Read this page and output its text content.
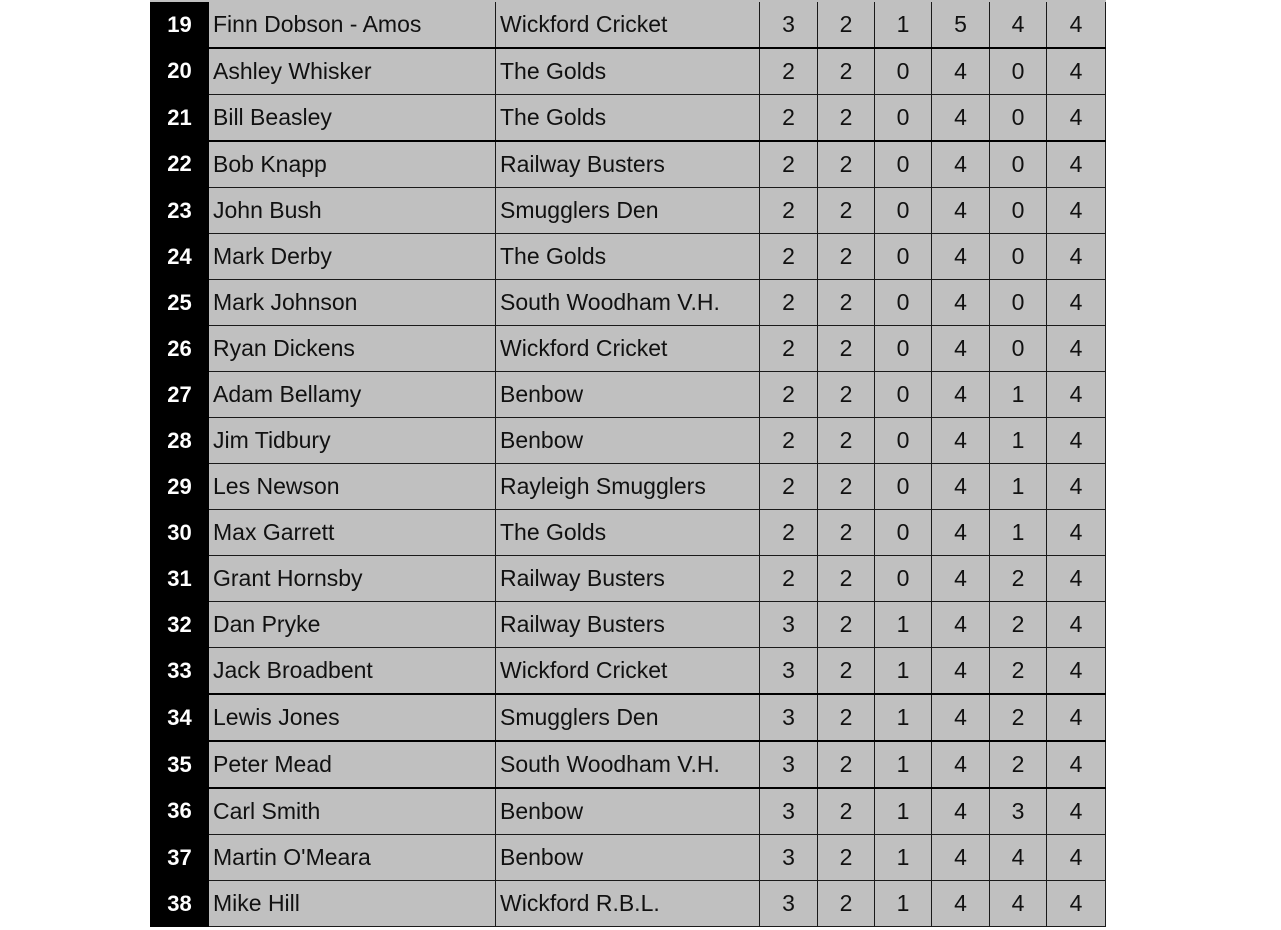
19	Finn Dobson - Amos	Wickford Cricket	3	2	1	5	4	4
20	Ashley Whisker	The Golds	2	2	0	4	0	4
21	Bill Beasley	The Golds	2	2	0	4	0	4
22	Bob Knapp	Railway Busters	2	2	0	4	0	4
23	John Bush	Smugglers Den	2	2	0	4	0	4
24	Mark Derby	The Golds	2	2	0	4	0	4
25	Mark Johnson	South Woodham V.H.	2	2	0	4	0	4
26	Ryan Dickens	Wickford Cricket	2	2	0	4	0	4
27	Adam Bellamy	Benbow	2	2	0	4	1	4
28	Jim Tidbury	Benbow	2	2	0	4	1	4
29	Les Newson	Rayleigh Smugglers	2	2	0	4	1	4
30	Max Garrett	The Golds	2	2	0	4	1	4
31	Grant Hornsby	Railway Busters	2	2	0	4	2	4
32	Dan Pryke	Railway Busters	3	2	1	4	2	4
33	Jack Broadbent	Wickford Cricket	3	2	1	4	2	4
34	Lewis Jones	Smugglers Den	3	2	1	4	2	4
35	Peter Mead	South Woodham V.H.	3	2	1	4	2	4
36	Carl Smith	Benbow	3	2	1	4	3	4
37	Martin O'Meara	Benbow	3	2	1	4	4	4
38	Mike Hill	Wickford R.B.L.	3	2	1	4	4	4
